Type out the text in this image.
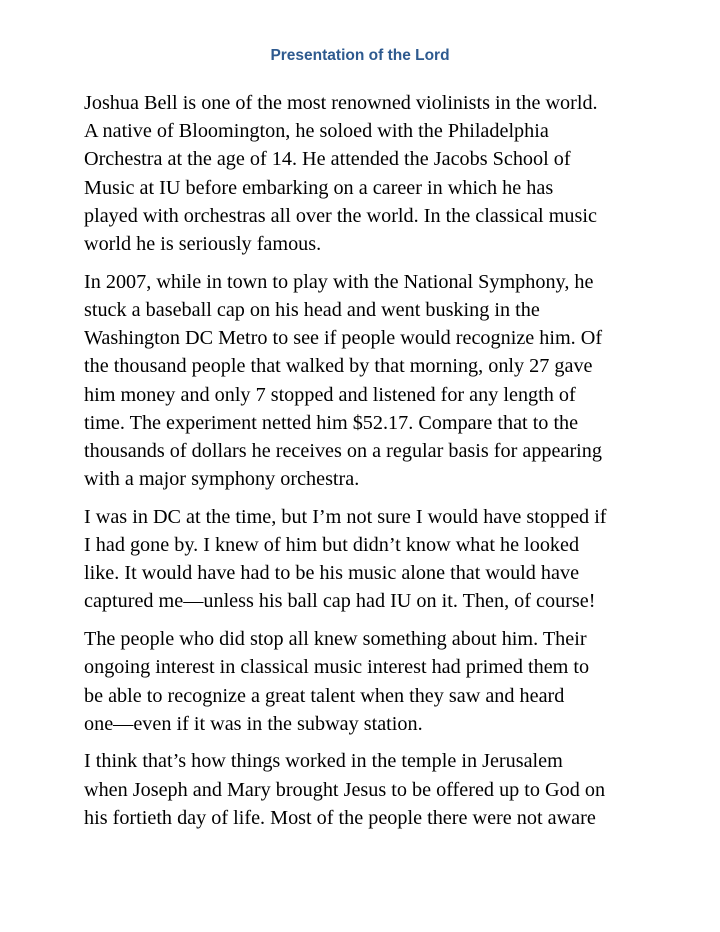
Presentation of the Lord

Joshua Bell is one of the most renowned violinists in the world.
A native of Bloomington, he soloed with the Philadelphia
Orchestra at the age of 14. He attended the Jacobs School of
Music at IU before embarking on a career in which he has
played with orchestras all over the world. In the classical music
world he is seriously famous.

In 2007, while in town to play with the National Symphony, he
stuck a baseball cap on his head and went busking in the
Washington DC Metro to see if people would recognize him. Of
the thousand people that walked by that morning, only 27 gave
him money and only 7 stopped and listened for any length of
time. The experiment netted him $52.17. Compare that to the
thousands of dollars he receives on a regular basis for appearing
with a major symphony orchestra.

I was in DC at the time, but I’m not sure I would have stopped if
I had gone by. I knew of him but didn’t know what he looked
like. It would have had to be his music alone that would have
captured me—unless his ball cap had IU on it. Then, of course!

The people who did stop all knew something about him. Their
ongoing interest in classical music interest had primed them to
be able to recognize a great talent when they saw and heard
one—even if it was in the subway station.

I think that’s how things worked in the temple in Jerusalem
when Joseph and Mary brought Jesus to be offered up to God on
his fortieth day of life. Most of the people there were not aware
